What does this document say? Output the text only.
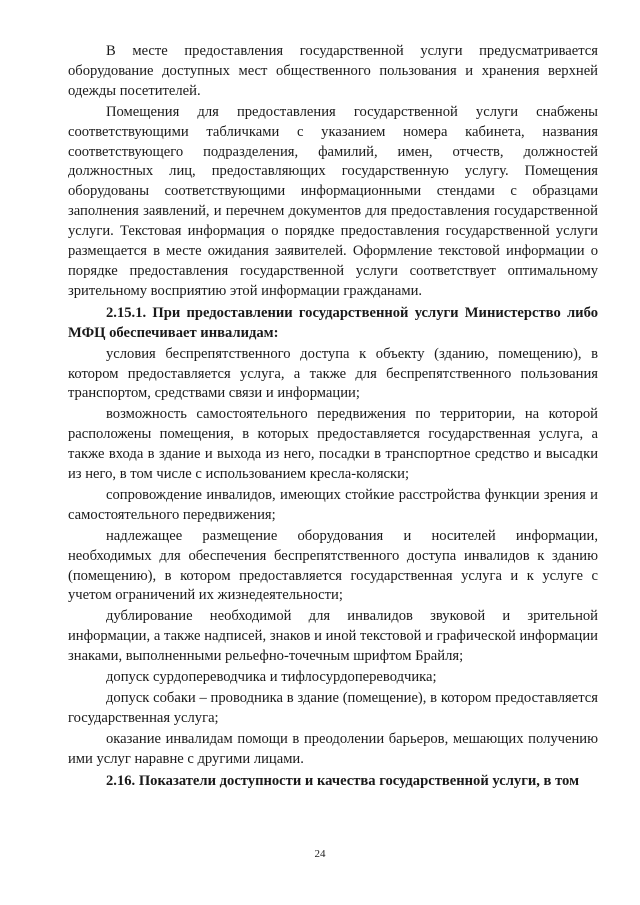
В месте предоставления государственной услуги предусматривается оборудование доступных мест общественного пользования и хранения верхней одежды посетителей.

Помещения для предоставления государственной услуги снабжены соответствующими табличками с указанием номера кабинета, названия соответствующего подразделения, фамилий, имен, отчеств, должностей должностных лиц, предоставляющих государственную услугу. Помещения оборудованы соответствующими информационными стендами с образцами заполнения заявлений, и перечнем документов для предоставления государственной услуги. Текстовая информация о порядке предоставления государственной услуги размещается в месте ожидания заявителей. Оформление текстовой информации о порядке предоставления государственной услуги соответствует оптимальному зрительному восприятию этой информации гражданами.

2.15.1. При предоставлении государственной услуги Министерство либо МФЦ обеспечивает инвалидам:

условия беспрепятственного доступа к объекту (зданию, помещению), в котором предоставляется услуга, а также для беспрепятственного пользования транспортом, средствами связи и информации;

возможность самостоятельного передвижения по территории, на которой расположены помещения, в которых предоставляется государственная услуга, а также входа в здание и выхода из него, посадки в транспортное средство и высадки из него, в том числе с использованием кресла-коляски;

сопровождение инвалидов, имеющих стойкие расстройства функции зрения и самостоятельного передвижения;

надлежащее размещение оборудования и носителей информации, необходимых для обеспечения беспрепятственного доступа инвалидов к зданию (помещению), в котором предоставляется государственная услуга и к услуге с учетом ограничений их жизнедеятельности;

дублирование необходимой для инвалидов звуковой и зрительной информации, а также надписей, знаков и иной текстовой и графической информации знаками, выполненными рельефно-точечным шрифтом Брайля;

допуск сурдопереводчика и тифлосурдопереводчика;

допуск собаки – проводника в здание (помещение), в котором предоставляется государственная услуга;

оказание инвалидам помощи в преодолении барьеров, мешающих получению ими услуг наравне с другими лицами.

2.16. Показатели доступности и качества государственной услуги, в том

24
